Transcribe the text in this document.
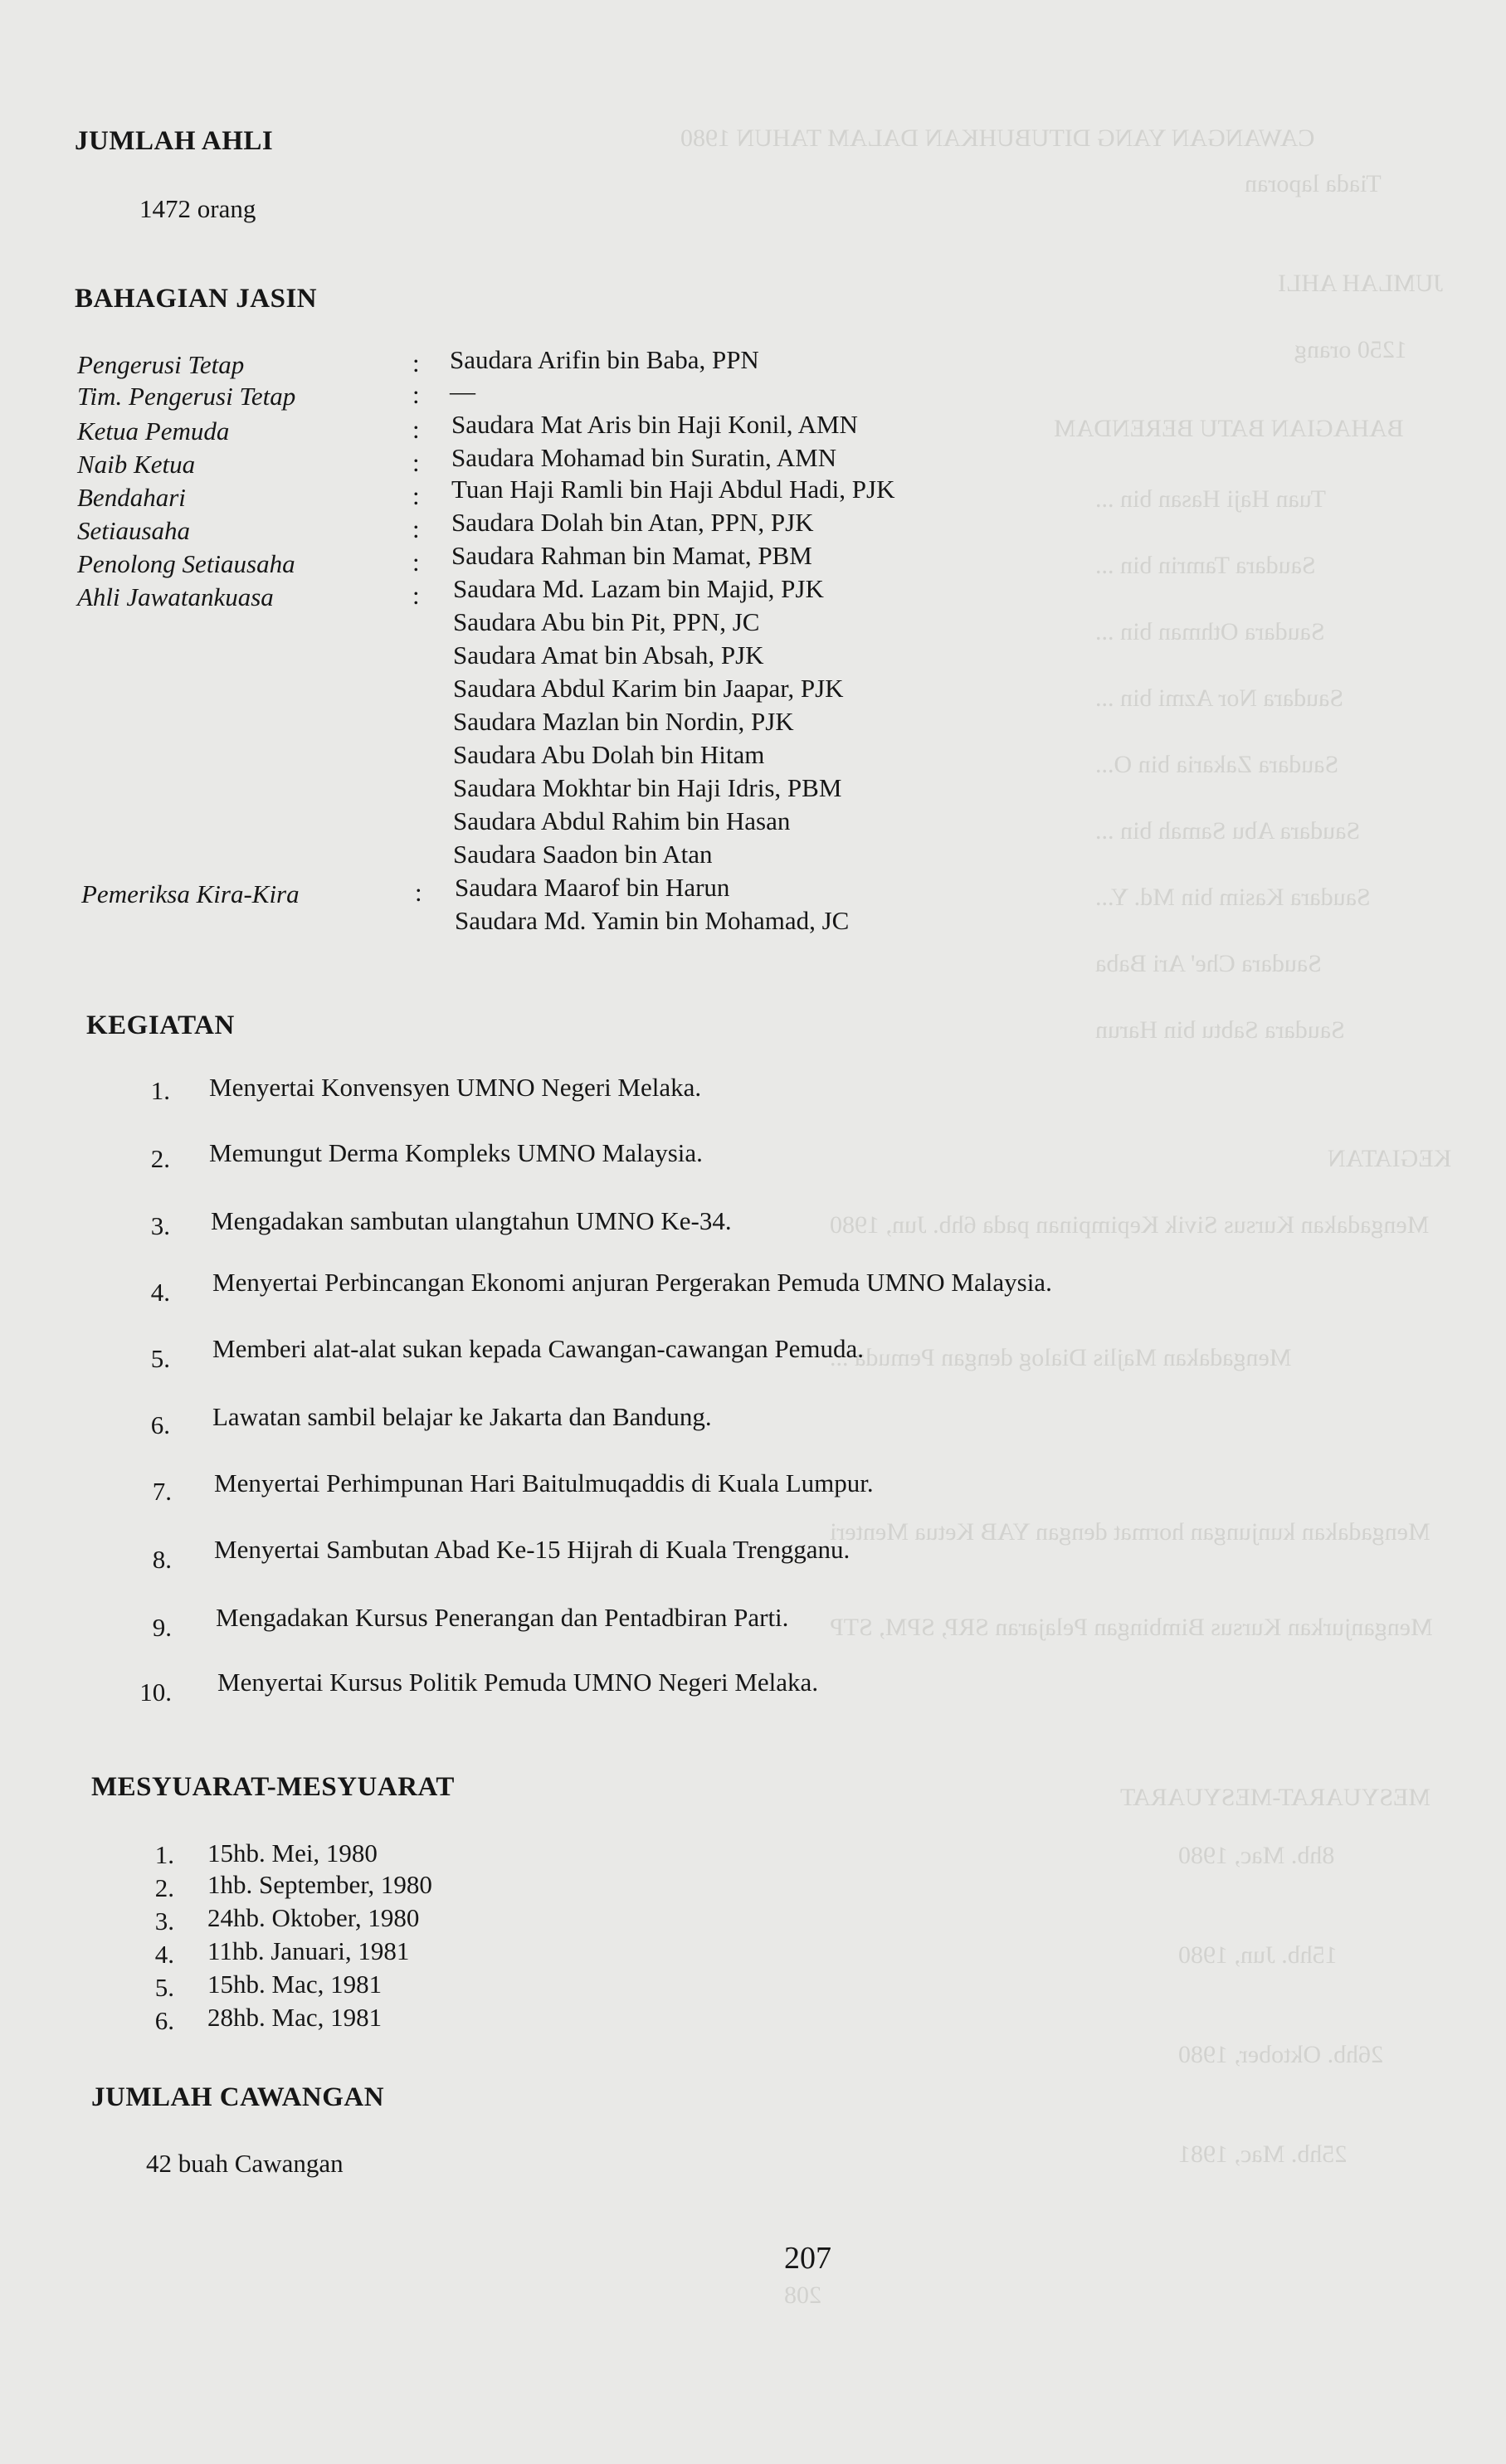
CAWANGAN YANG DITUBUHKAN DALAM TAHUN 1980
Tiada laporan
JUMLAH AHLI
1250 orang
BAHAGIAN BATU BERENDAM
Tuan Haji Hasan bin ...
Saudara Tamrin bin ...
Saudara Othman bin ...
Saudara Nor Azmi bin ...
Saudara Zakaria bin O...
Saudara Abu Samah bin ...
Saudara Kasim bin Md. Y...
Saudara Che' Ari Baba
Saudara Sabtu bin Harun
KEGIATAN
Mengadakan Kursus Sivik Kepimpinan pada 6hb. Jun, 1980
Mengadakan Majlis Dialog dengan Pemuda ...
Mengadakan kunjungan hormat dengan YAB Ketua Menteri
Menganjurkan Kursus Bimbingan Pelajaran SRP, SPM, STP
MESYUARAT-MESYUARAT
8hb. Mac, 1980
15hb. Jun, 1980
26hb. Oktober, 1980
25hb. Mac, 1981
208
JUMLAH AHLI
1472 orang
BAHAGIAN JASIN
Pengerusi Tetap	: Saudara Arifin bin Baba, PPN
Tim. Pengerusi Tetap	: —
Ketua Pemuda	: Saudara Mat Aris bin Haji Konil, AMN
Naib Ketua	: Saudara Mohamad bin Suratin, AMN
Bendahari	: Tuan Haji Ramli bin Haji Abdul Hadi, PJK
Setiausaha	: Saudara Dolah bin Atan, PPN, PJK
Penolong Setiausaha	: Saudara Rahman bin Mamat, PBM
Ahli Jawatankuasa	: Saudara Md. Lazam bin Majid, PJK
Saudara Abu bin Pit, PPN, JC
Saudara Amat bin Absah, PJK
Saudara Abdul Karim bin Jaapar, PJK
Saudara Mazlan bin Nordin, PJK
Saudara Abu Dolah bin Hitam
Saudara Mokhtar bin Haji Idris, PBM
Saudara Abdul Rahim bin Hasan
Saudara Saadon bin Atan
Pemeriksa Kira-Kira	: Saudara Maarof bin Harun
Saudara Md. Yamin bin Mohamad, JC
KEGIATAN
1. Menyertai Konvensyen UMNO Negeri Melaka.
2. Memungut Derma Kompleks UMNO Malaysia.
3. Mengadakan sambutan ulangtahun UMNO Ke-34.
4. Menyertai Perbincangan Ekonomi anjuran Pergerakan Pemuda UMNO Malaysia.
5. Memberi alat-alat sukan kepada Cawangan-cawangan Pemuda.
6. Lawatan sambil belajar ke Jakarta dan Bandung.
7. Menyertai Perhimpunan Hari Baitulmuqaddis di Kuala Lumpur.
8. Menyertai Sambutan Abad Ke-15 Hijrah di Kuala Trengganu.
9. Mengadakan Kursus Penerangan dan Pentadbiran Parti.
10. Menyertai Kursus Politik Pemuda UMNO Negeri Melaka.
MESYUARAT-MESYUARAT
1. 15hb. Mei, 1980
2. 1hb. September, 1980
3. 24hb. Oktober, 1980
4. 11hb. Januari, 1981
5. 15hb. Mac, 1981
6. 28hb. Mac, 1981
JUMLAH CAWANGAN
42 buah Cawangan
207
